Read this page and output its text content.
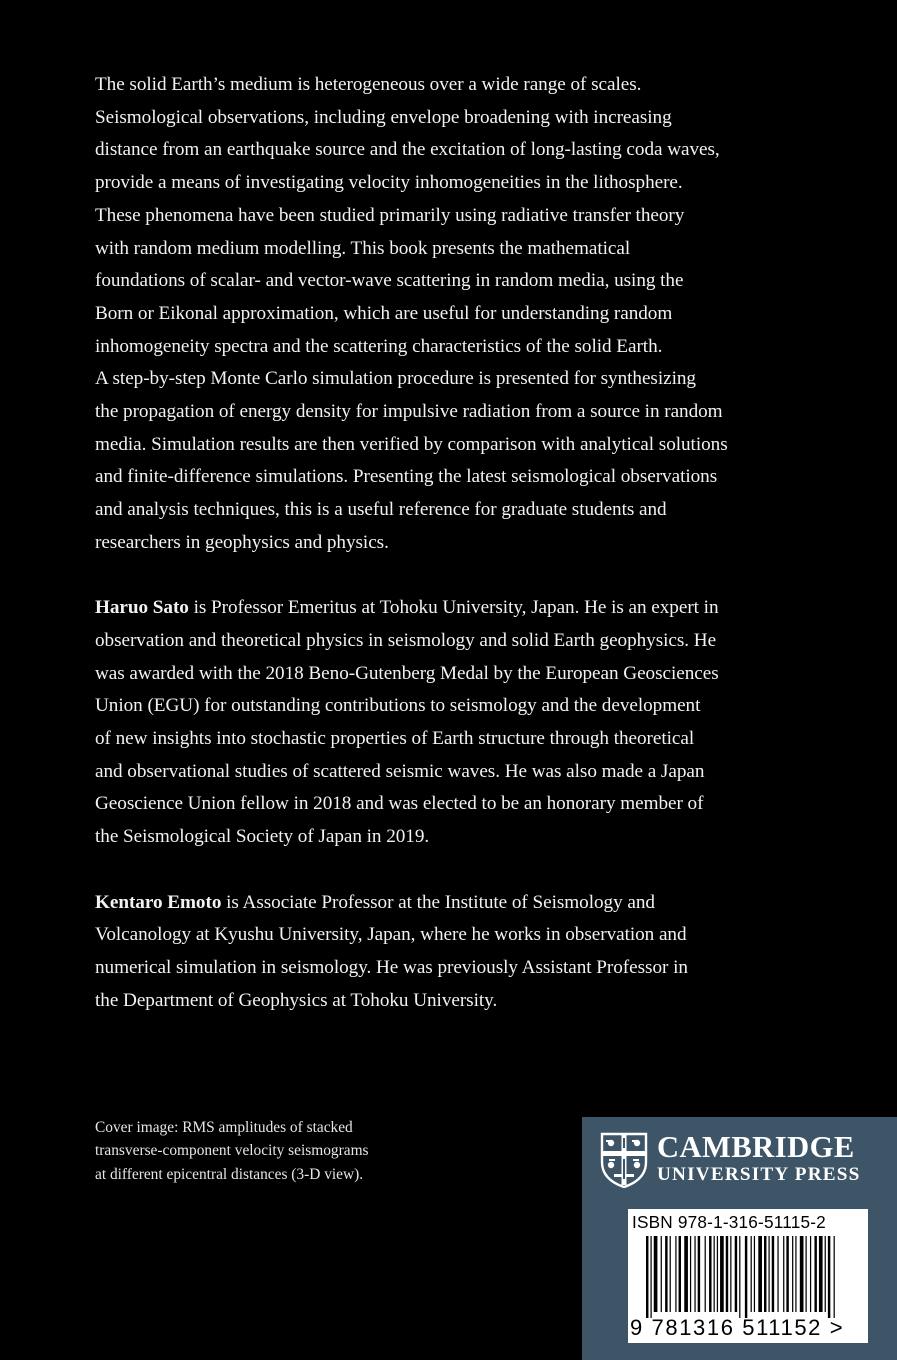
The solid Earth’s medium is heterogeneous over a wide range of scales.
Seismological observations, including envelope broadening with increasing
distance from an earthquake source and the excitation of long-lasting coda waves,
provide a means of investigating velocity inhomogeneities in the lithosphere.
These phenomena have been studied primarily using radiative transfer theory
with random medium modelling. This book presents the mathematical
foundations of scalar- and vector-wave scattering in random media, using the
Born or Eikonal approximation, which are useful for understanding random
inhomogeneity spectra and the scattering characteristics of the solid Earth.
A step-by-step Monte Carlo simulation procedure is presented for synthesizing
the propagation of energy density for impulsive radiation from a source in random
media. Simulation results are then verified by comparison with analytical solutions
and finite-difference simulations. Presenting the latest seismological observations
and analysis techniques, this is a useful reference for graduate students and
researchers in geophysics and physics.

Haruo Sato is Professor Emeritus at Tohoku University, Japan. He is an expert in
observation and theoretical physics in seismology and solid Earth geophysics. He
was awarded with the 2018 Beno-Gutenberg Medal by the European Geosciences
Union (EGU) for outstanding contributions to seismology and the development
of new insights into stochastic properties of Earth structure through theoretical
and observational studies of scattered seismic waves. He was also made a Japan
Geoscience Union fellow in 2018 and was elected to be an honorary member of
the Seismological Society of Japan in 2019.

Kentaro Emoto is Associate Professor at the Institute of Seismology and
Volcanology at Kyushu University, Japan, where he works in observation and
numerical simulation in seismology. He was previously Assistant Professor in
the Department of Geophysics at Tohoku University.

Cover image: RMS amplitudes of stacked
transverse-component velocity seismograms
at different epicentral distances (3-D view).
CAMBRIDGE
UNIVERSITY PRESS
ISBN 978-1-316-51115-2
9 781316 511152 >
